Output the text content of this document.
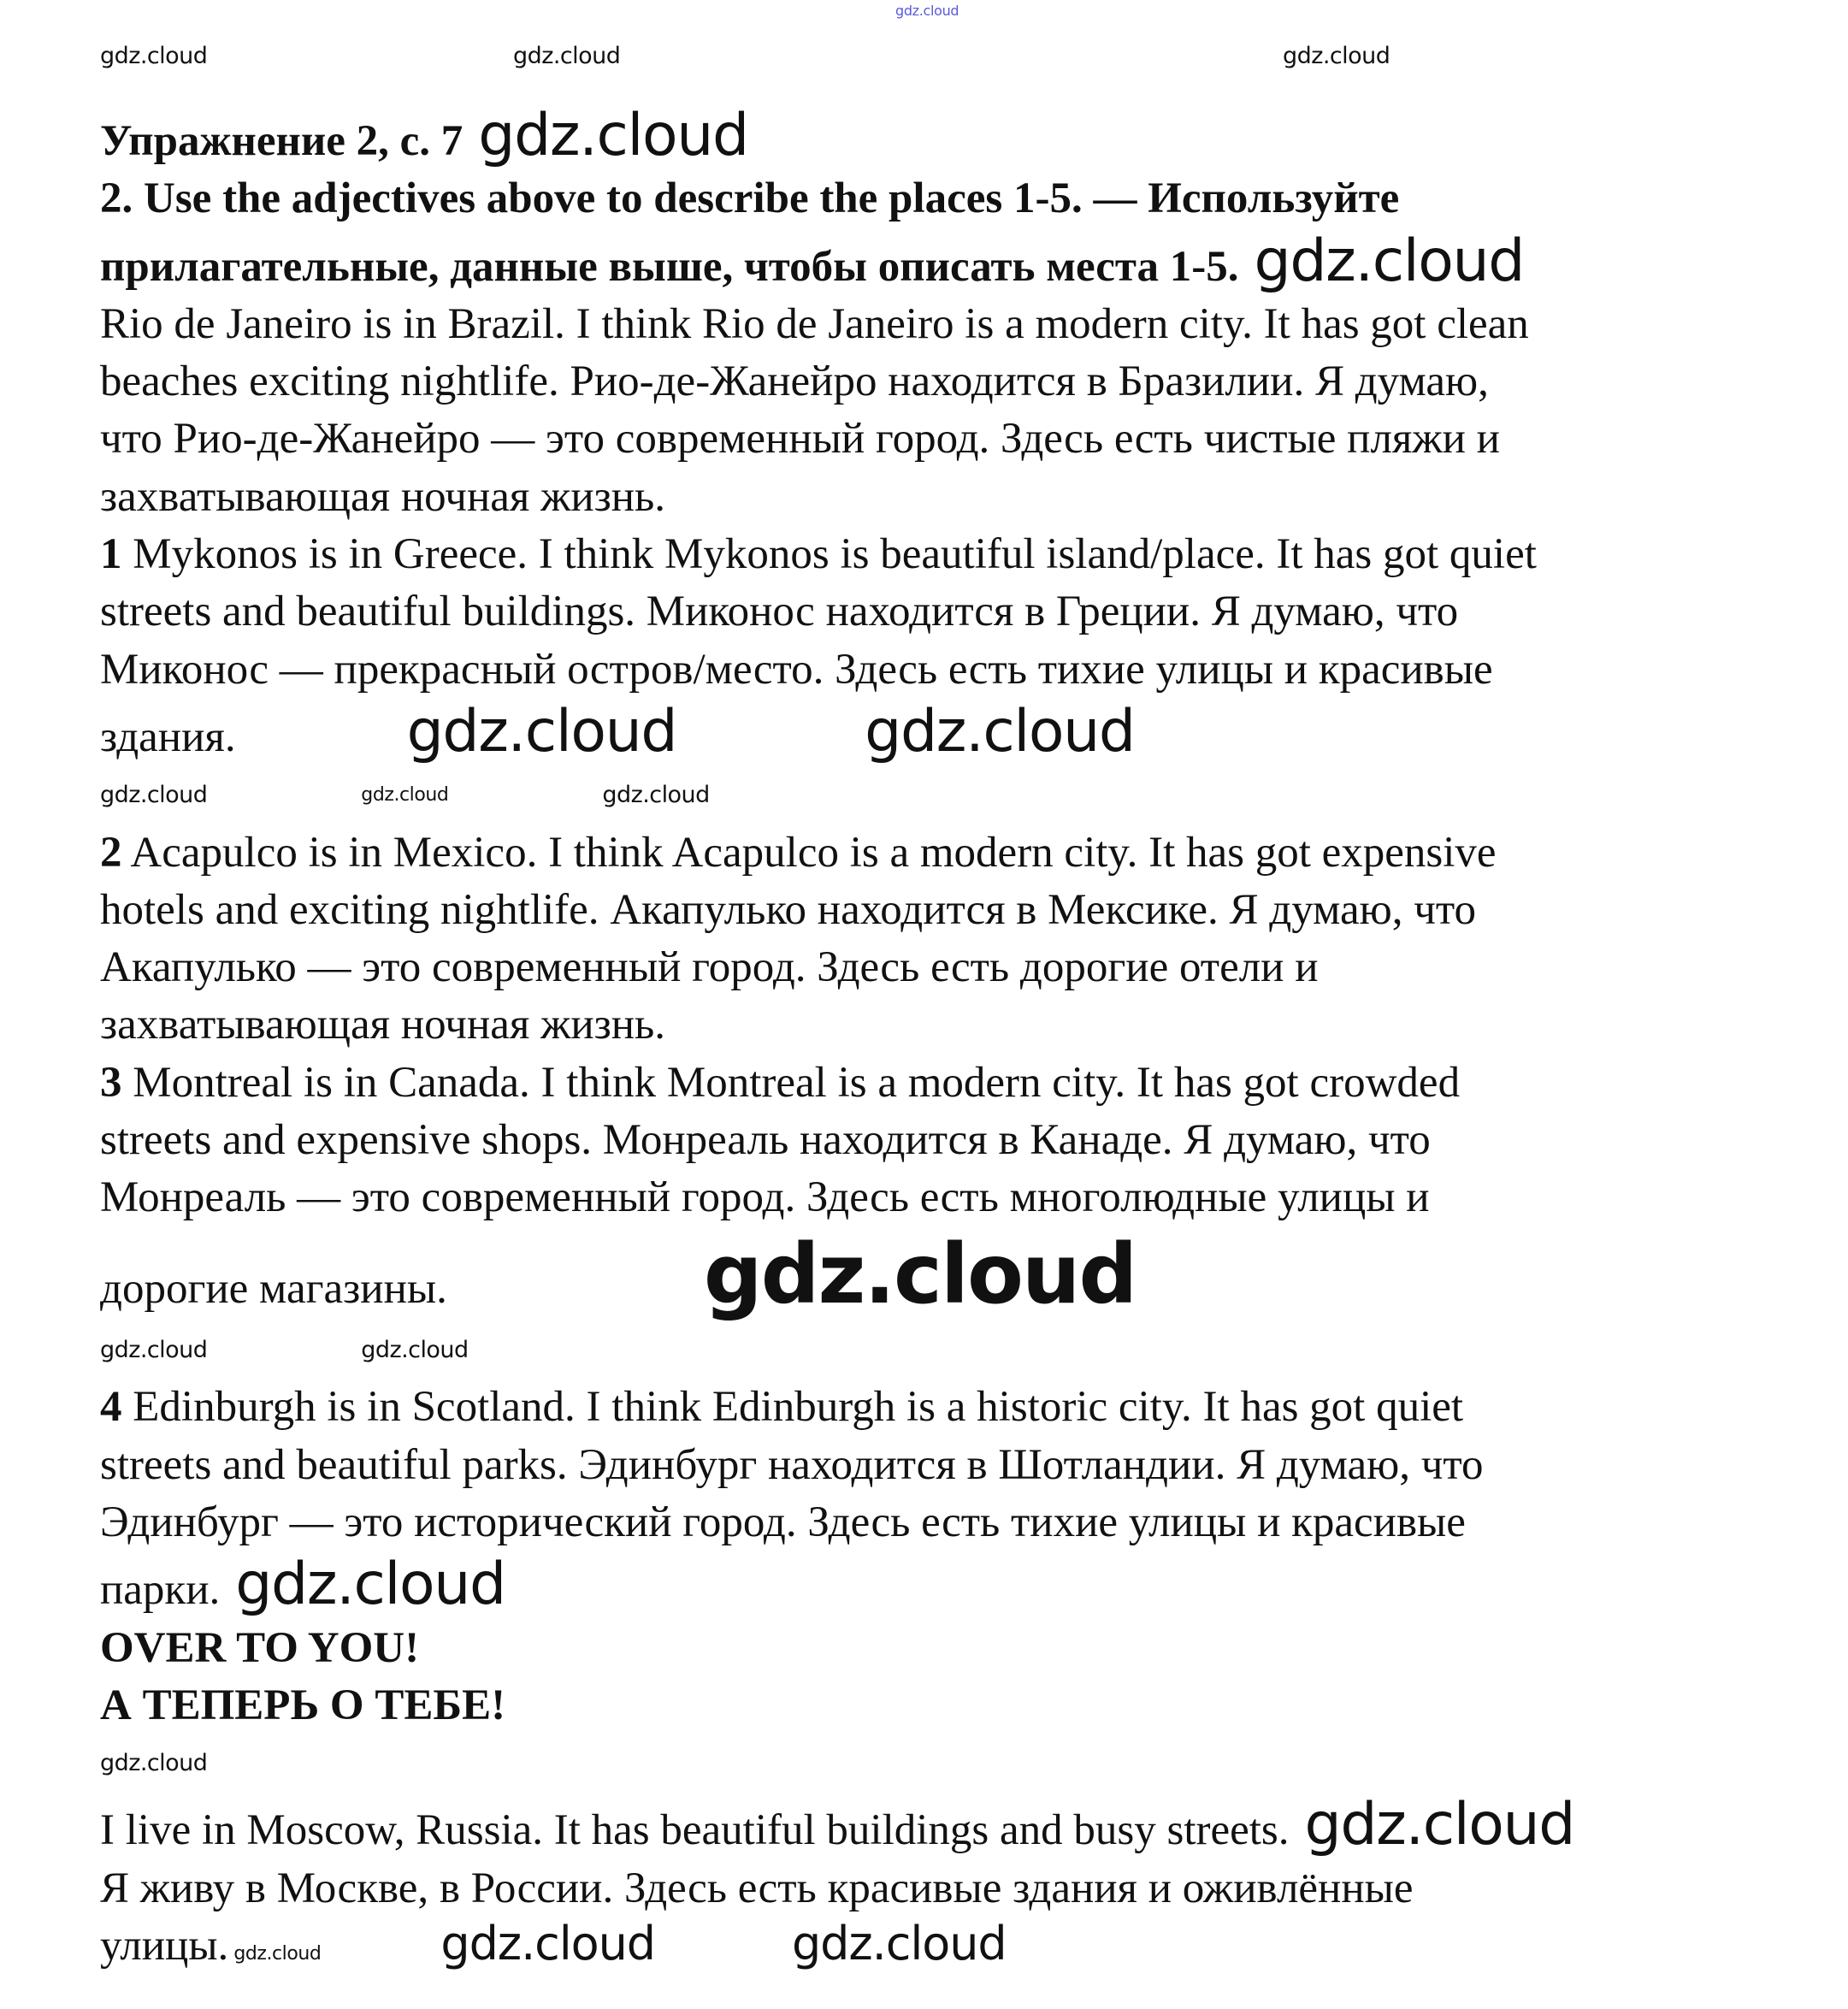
gdz.cloud
gdz.cloud	gdz.cloud	gdz.cloud
Упражнение 2, с. 7 gdz.cloud
2. Use the adjectives above to describe the places 1-5. — Используйте
прилагательные, данные выше, чтобы описать места 1-5. gdz.cloud
Rio de Janeiro is in Brazil. I think Rio de Janeiro is a modern city. It has got clean
beaches exciting nightlife. Рио-де-Жанейро находится в Бразилии. Я думаю,
что Рио-де-Жанейро — это современный город. Здесь есть чистые пляжи и
захватывающая ночная жизнь.
1 Mykonos is in Greece. I think Mykonos is beautiful island/place. It has got quiet
streets and beautiful buildings. Миконос находится в Греции. Я думаю, что
Миконос — прекрасный остров/место. Здесь есть тихие улицы и красивые
здания.	gdz.cloud	gdz.cloud
gdz.cloud	gdz.cloud	gdz.cloud
2 Acapulco is in Mexico. I think Acapulco is a modern city. It has got expensive
hotels and exciting nightlife. Акапулько находится в Мексике. Я думаю, что
Акапулько — это современный город. Здесь есть дорогие отели и
захватывающая ночная жизнь.
3 Montreal is in Canada. I think Montreal is a modern city. It has got crowded
streets and expensive shops. Монреаль находится в Канаде. Я думаю, что
Монреаль — это современный город. Здесь есть многолюдные улицы и
дорогие магазины.	gdz.cloud
gdz.cloud	gdz.cloud
4 Edinburgh is in Scotland. I think Edinburgh is a historic city. It has got quiet
streets and beautiful parks. Эдинбург находится в Шотландии. Я думаю, что
Эдинбург — это исторический город. Здесь есть тихие улицы и красивые
парки. gdz.cloud
OVER TO YOU!
А ТЕПЕРЬ О ТЕБЕ!
gdz.cloud
I live in Moscow, Russia. It has beautiful buildings and busy streets. gdz.cloud
Я живу в Москве, в России. Здесь есть красивые здания и оживлённые
улицы. gdz.cloud	gdz.cloud	gdz.cloud
